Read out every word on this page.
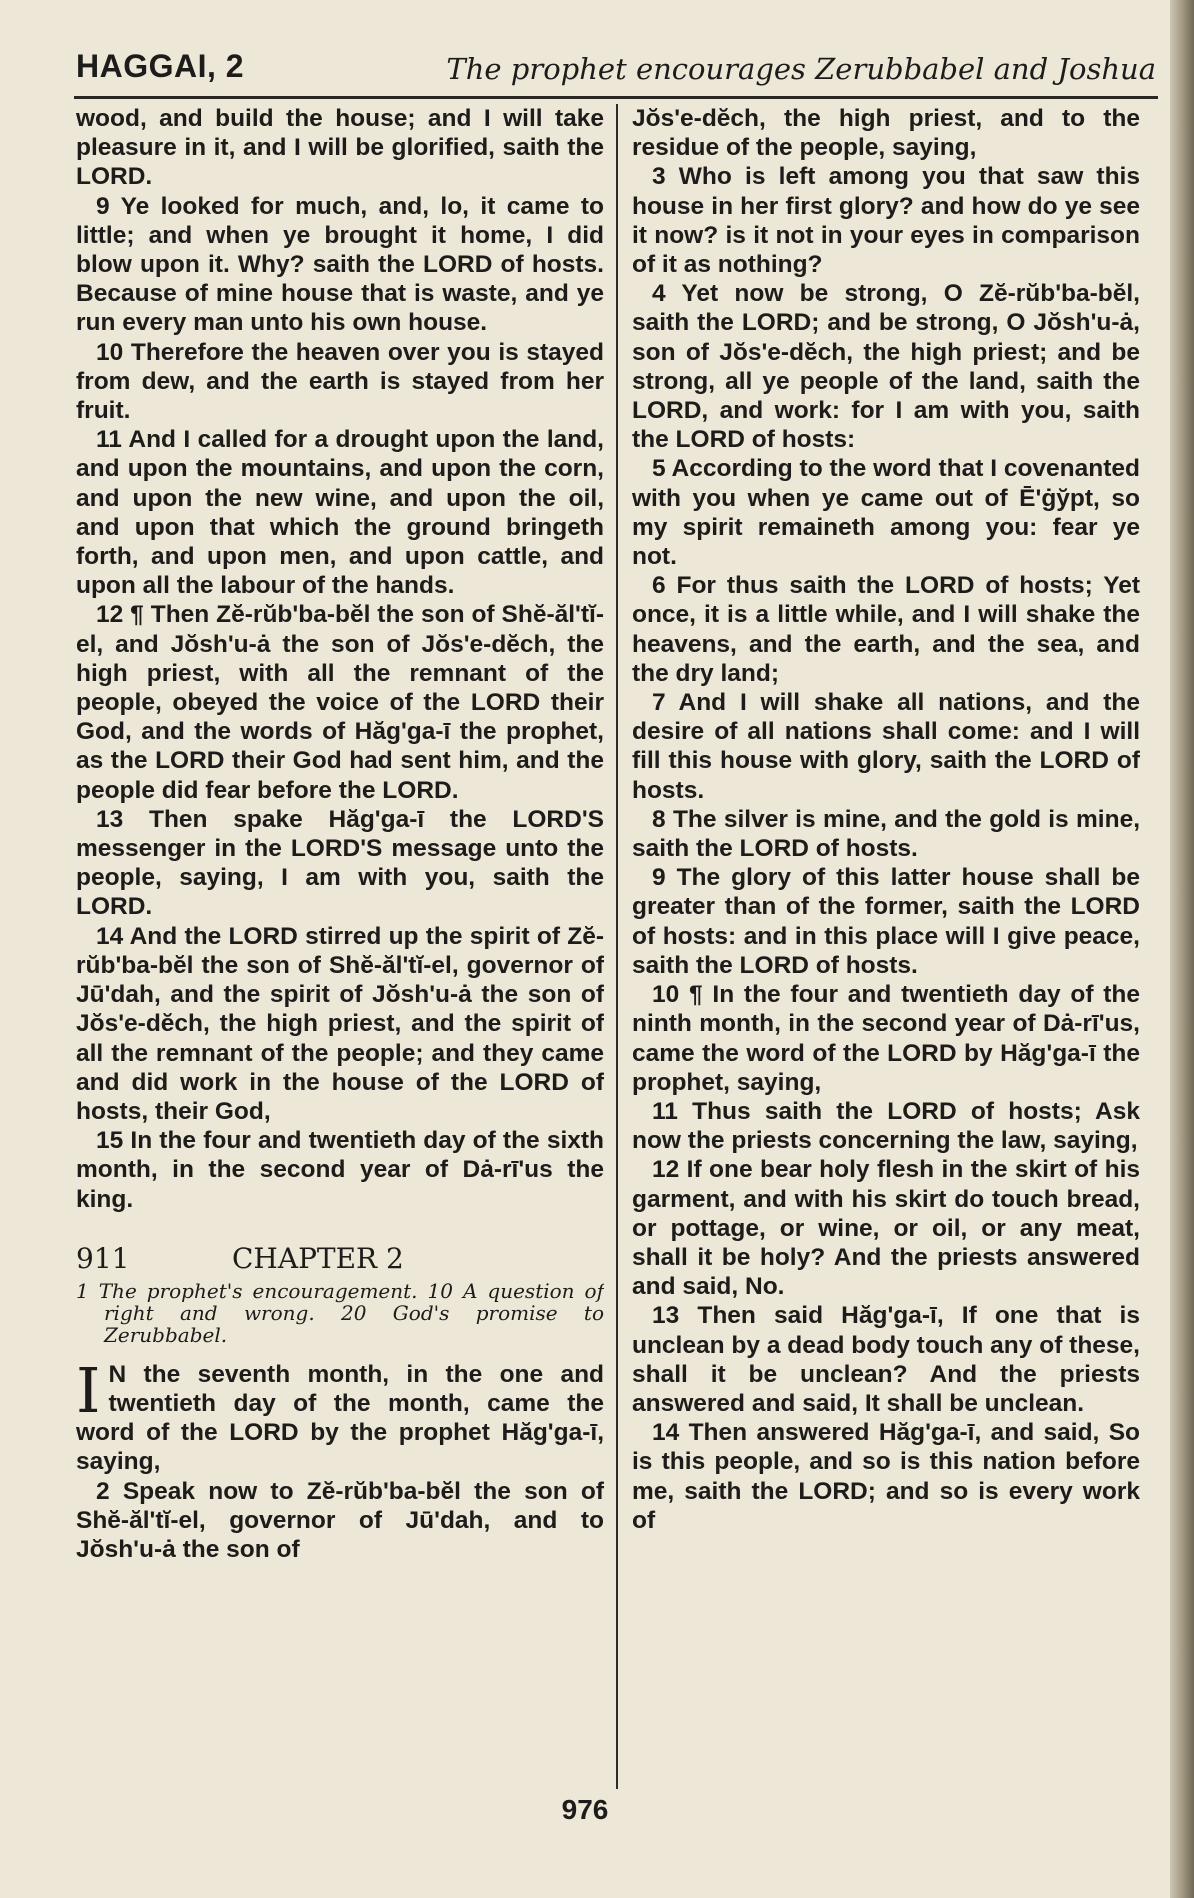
HAGGAI, 2	The prophet encourages Zerubbabel and Joshua

wood, and build the house; and I will take pleasure in it, and I will be glorified, saith the LORD.

9 Ye looked for much, and, lo, it came to little; and when ye brought it home, I did blow upon it. Why? saith the LORD of hosts. Because of mine house that is waste, and ye run every man unto his own house.

10 Therefore the heaven over you is stayed from dew, and the earth is stayed from her fruit.

11 And I called for a drought upon the land, and upon the mountains, and upon the corn, and upon the new wine, and upon the oil, and upon that which the ground bringeth forth, and upon men, and upon cattle, and upon all the labour of the hands.

12 ¶ Then Zĕ-rŭb'ba-bĕl the son of Shĕ-ăl'tĭ-el, and Jŏsh'u-ȧ the son of Jŏs'e-dĕch, the high priest, with all the remnant of the people, obeyed the voice of the LORD their God, and the words of Hăg'ga-ī the prophet, as the LORD their God had sent him, and the people did fear before the LORD.

13 Then spake Hăg'ga-ī the LORD'S messenger in the LORD'S message unto the people, saying, I am with you, saith the LORD.

14 And the LORD stirred up the spirit of Zĕ-rŭb'ba-bĕl the son of Shĕ-ăl'tĭ-el, governor of Jū'dah, and the spirit of Jŏsh'u-ȧ the son of Jŏs'e-dĕch, the high priest, and the spirit of all the remnant of the people; and they came and did work in the house of the LORD of hosts, their God,

15 In the four and twentieth day of the sixth month, in the second year of Dȧ-rī'us the king.

911	CHAPTER 2
1 The prophet's encouragement. 10 A question of right and wrong. 20 God's promise to Zerubbabel.

I N the seventh month, in the one and twentieth day of the month, came the word of the LORD by the prophet Hăg'ga-ī, saying,

2 Speak now to Zĕ-rŭb'ba-bĕl the son of Shĕ-ăl'tĭ-el, governor of Jū'dah, and to Jŏsh'u-ȧ the son of

Jŏs'e-dĕch, the high priest, and to the residue of the people, saying,

3 Who is left among you that saw this house in her first glory? and how do ye see it now? is it not in your eyes in comparison of it as nothing?

4 Yet now be strong, O Zĕ-rŭb'ba-bĕl, saith the LORD; and be strong, O Jŏsh'u-ȧ, son of Jŏs'e-dĕch, the high priest; and be strong, all ye people of the land, saith the LORD, and work: for I am with you, saith the LORD of hosts:

5 According to the word that I covenanted with you when ye came out of Ē'ġy̆pt, so my spirit remaineth among you: fear ye not.

6 For thus saith the LORD of hosts; Yet once, it is a little while, and I will shake the heavens, and the earth, and the sea, and the dry land;

7 And I will shake all nations, and the desire of all nations shall come: and I will fill this house with glory, saith the LORD of hosts.

8 The silver is mine, and the gold is mine, saith the LORD of hosts.

9 The glory of this latter house shall be greater than of the former, saith the LORD of hosts: and in this place will I give peace, saith the LORD of hosts.

10 ¶ In the four and twentieth day of the ninth month, in the second year of Dȧ-rī'us, came the word of the LORD by Hăg'ga-ī the prophet, saying,

11 Thus saith the LORD of hosts; Ask now the priests concerning the law, saying,

12 If one bear holy flesh in the skirt of his garment, and with his skirt do touch bread, or pottage, or wine, or oil, or any meat, shall it be holy? And the priests answered and said, No.

13 Then said Hăg'ga-ī, If one that is unclean by a dead body touch any of these, shall it be unclean? And the priests answered and said, It shall be unclean.

14 Then answered Hăg'ga-ī, and said, So is this people, and so is this nation before me, saith the LORD; and so is every work of

976
